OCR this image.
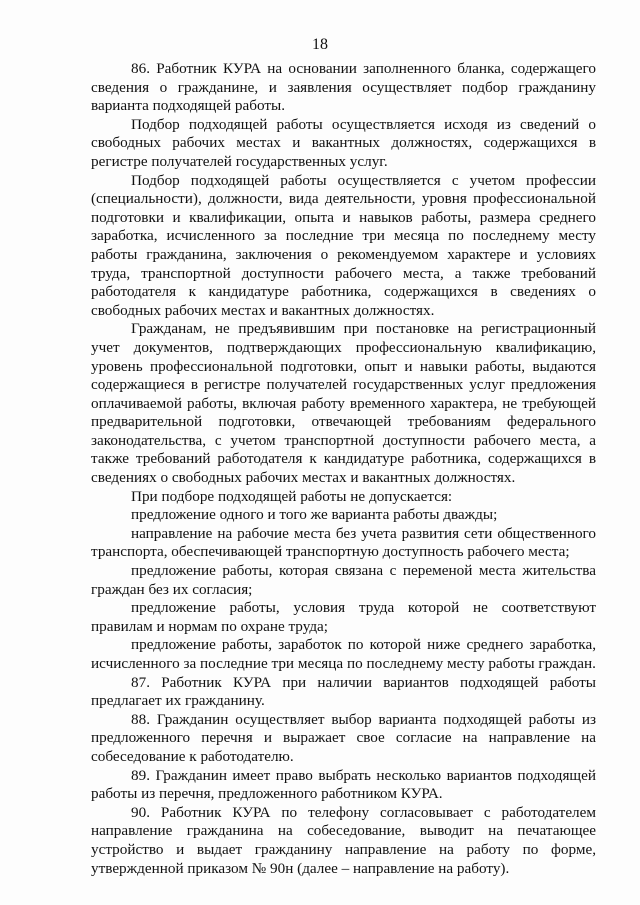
18

86. Работник КУРА на основании заполненного бланка, содержащего сведения о гражданине, и заявления осуществляет подбор гражданину варианта подходящей работы.

Подбор подходящей работы осуществляется исходя из сведений о свободных рабочих местах и вакантных должностях, содержащихся в регистре получателей государственных услуг.

Подбор подходящей работы осуществляется с учетом профессии (специальности), должности, вида деятельности, уровня профессиональной подготовки и квалификации, опыта и навыков работы, размера среднего заработка, исчисленного за последние три месяца по последнему месту работы гражданина, заключения о рекомендуемом характере и условиях труда, транспортной доступности рабочего места, а также требований работодателя к кандидатуре работника, содержащихся в сведениях о свободных рабочих местах и вакантных должностях.

Гражданам, не предъявившим при постановке на регистрационный учет документов, подтверждающих профессиональную квалификацию, уровень профессиональной подготовки, опыт и навыки работы, выдаются содержащиеся в регистре получателей государственных услуг предложения оплачиваемой работы, включая работу временного характера, не требующей предварительной подготовки, отвечающей требованиям федерального законодательства, с учетом транспортной доступности рабочего места, а также требований работодателя к кандидатуре работника, содержащихся в сведениях о свободных рабочих местах и вакантных должностях.

При подборе подходящей работы не допускается:

предложение одного и того же варианта работы дважды;

направление на рабочие места без учета развития сети общественного транспорта, обеспечивающей транспортную доступность рабочего места;

предложение работы, которая связана с переменой места жительства граждан без их согласия;

предложение работы, условия труда которой не соответствуют правилам и нормам по охране труда;

предложение работы, заработок по которой ниже среднего заработка, исчисленного за последние три месяца по последнему месту работы граждан.

87. Работник КУРА при наличии вариантов подходящей работы предлагает их гражданину.

88. Гражданин осуществляет выбор варианта подходящей работы из предложенного перечня и выражает свое согласие на направление на собеседование к работодателю.

89. Гражданин имеет право выбрать несколько вариантов подходящей работы из перечня, предложенного работником КУРА.

90. Работник КУРА по телефону согласовывает с работодателем направление гражданина на собеседование, выводит на печатающее устройство и выдает гражданину направление на работу по форме, утвержденной приказом № 90н (далее – направление на работу).
